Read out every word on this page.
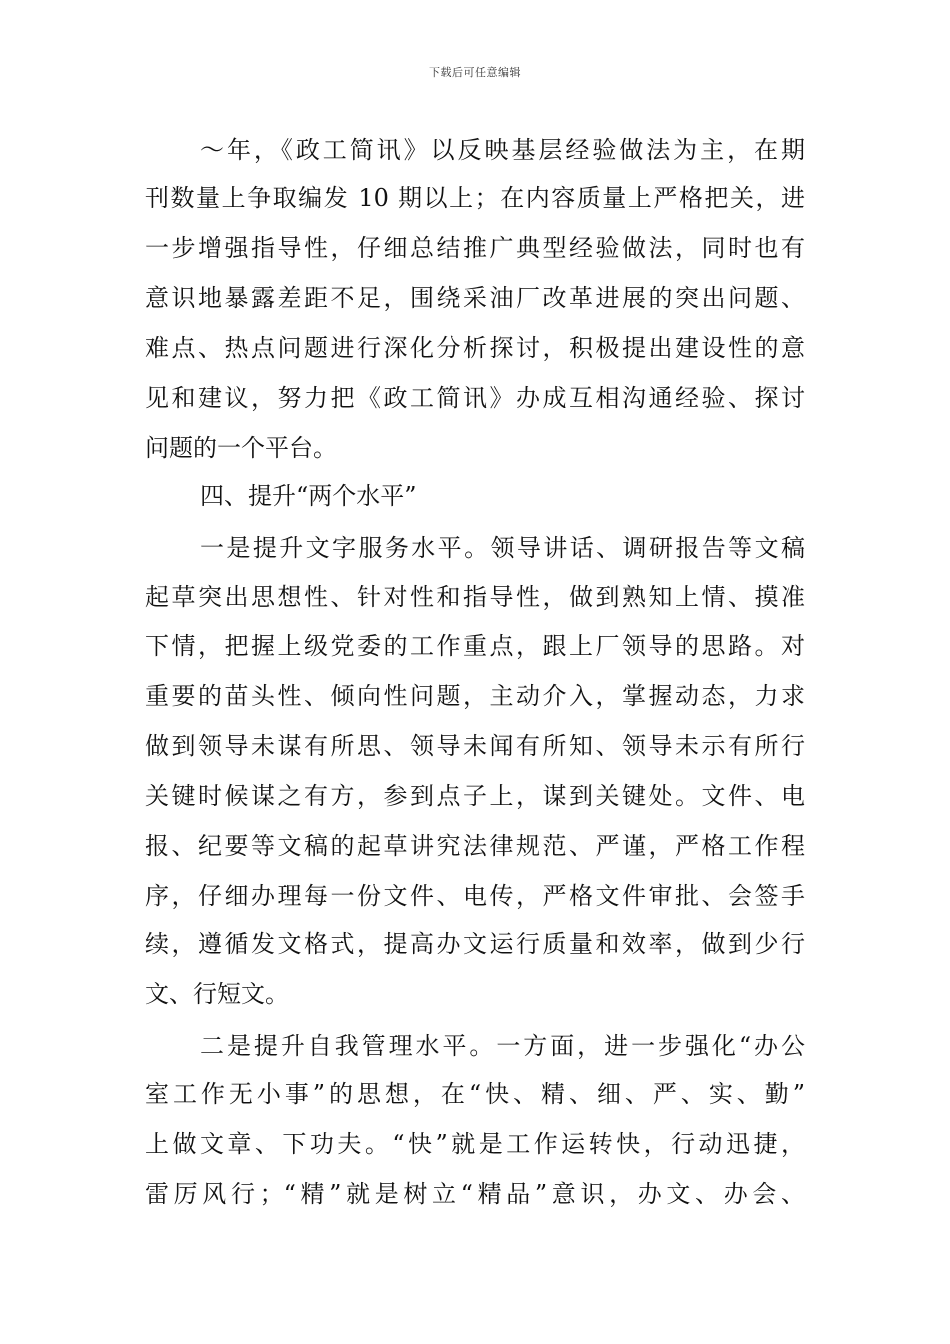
下载后可任意编辑
～年，《政工简讯》以反映基层经验做法为主，在期
刊数量上争取编发 10 期以上；在内容质量上严格把关，进
一步增强指导性，仔细总结推广典型经验做法，同时也有
意识地暴露差距不足，围绕采油厂改革进展的突出问题、
难点、热点问题进行深化分析探讨，积极提出建设性的意
见和建议，努力把《政工简讯》办成互相沟通经验、探讨
问题的一个平台。
四、提升“两个水平”
一是提升文字服务水平。领导讲话、调研报告等文稿
起草突出思想性、针对性和指导性，做到熟知上情、摸准
下情，把握上级党委的工作重点，跟上厂领导的思路。对
重要的苗头性、倾向性问题，主动介入，掌握动态，力求
做到领导未谋有所思、领导未闻有所知、领导未示有所行
关键时候谋之有方，参到点子上，谋到关键处。文件、电
报、纪要等文稿的起草讲究法律规范、严谨，严格工作程
序，仔细办理每一份文件、电传，严格文件审批、会签手
续，遵循发文格式，提高办文运行质量和效率，做到少行
文、行短文。
二是提升自我管理水平。一方面，进一步强化“办公
室工作无小事”的思想，在“快、精、细、严、实、勤”
上做文章、下功夫。“快”就是工作运转快，行动迅捷，
雷厉风行；“精”就是树立“精品”意识，办文、办会、
